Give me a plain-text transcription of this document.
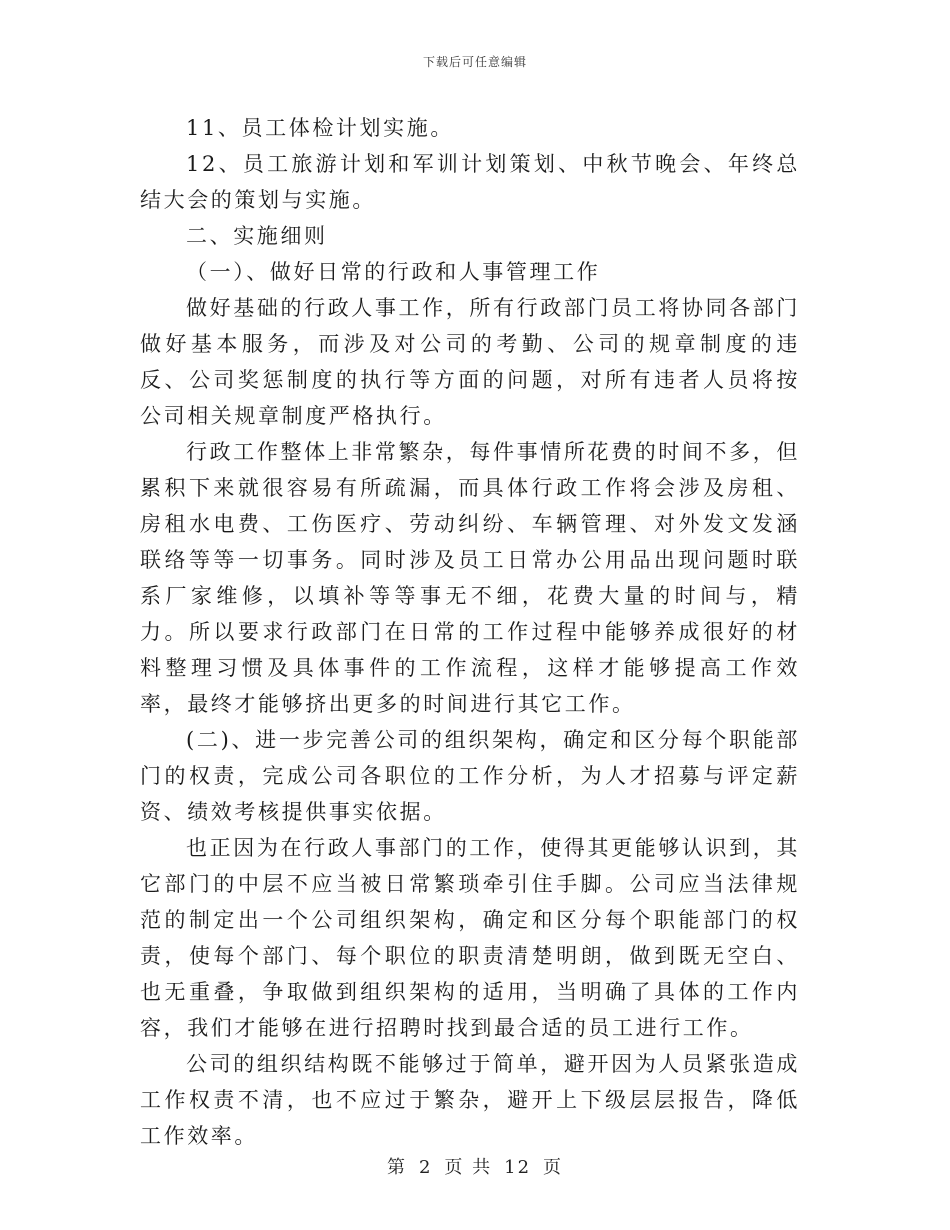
下载后可任意编辑

11、员工体检计划实施。

12、员工旅游计划和军训计划策划、中秋节晚会、年终总结大会的策划与实施。

二、实施细则

（一）、做好日常的行政和人事管理工作

做好基础的行政人事工作，所有行政部门员工将协同各部门做好基本服务，而涉及对公司的考勤、公司的规章制度的违反、公司奖惩制度的执行等方面的问题，对所有违者人员将按公司相关规章制度严格执行。

行政工作整体上非常繁杂，每件事情所花费的时间不多，但累积下来就很容易有所疏漏，而具体行政工作将会涉及房租、房租水电费、工伤医疗、劳动纠纷、车辆管理、对外发文发涵联络等等一切事务。同时涉及员工日常办公用品出现问题时联系厂家维修，以填补等等事无不细，花费大量的时间与，精力。所以要求行政部门在日常的工作过程中能够养成很好的材料整理习惯及具体事件的工作流程，这样才能够提高工作效率，最终才能够挤出更多的时间进行其它工作。

(二)、进一步完善公司的组织架构，确定和区分每个职能部门的权责，完成公司各职位的工作分析，为人才招募与评定薪资、绩效考核提供事实依据。

也正因为在行政人事部门的工作，使得其更能够认识到，其它部门的中层不应当被日常繁琐牵引住手脚。公司应当法律规范的制定出一个公司组织架构，确定和区分每个职能部门的权责，使每个部门、每个职位的职责清楚明朗，做到既无空白、也无重叠，争取做到组织架构的适用，当明确了具体的工作内容，我们才能够在进行招聘时找到最合适的员工进行工作。

公司的组织结构既不能够过于简单，避开因为人员紧张造成工作权责不清，也不应过于繁杂，避开上下级层层报告，降低工作效率。

第 2 页 共 12 页
